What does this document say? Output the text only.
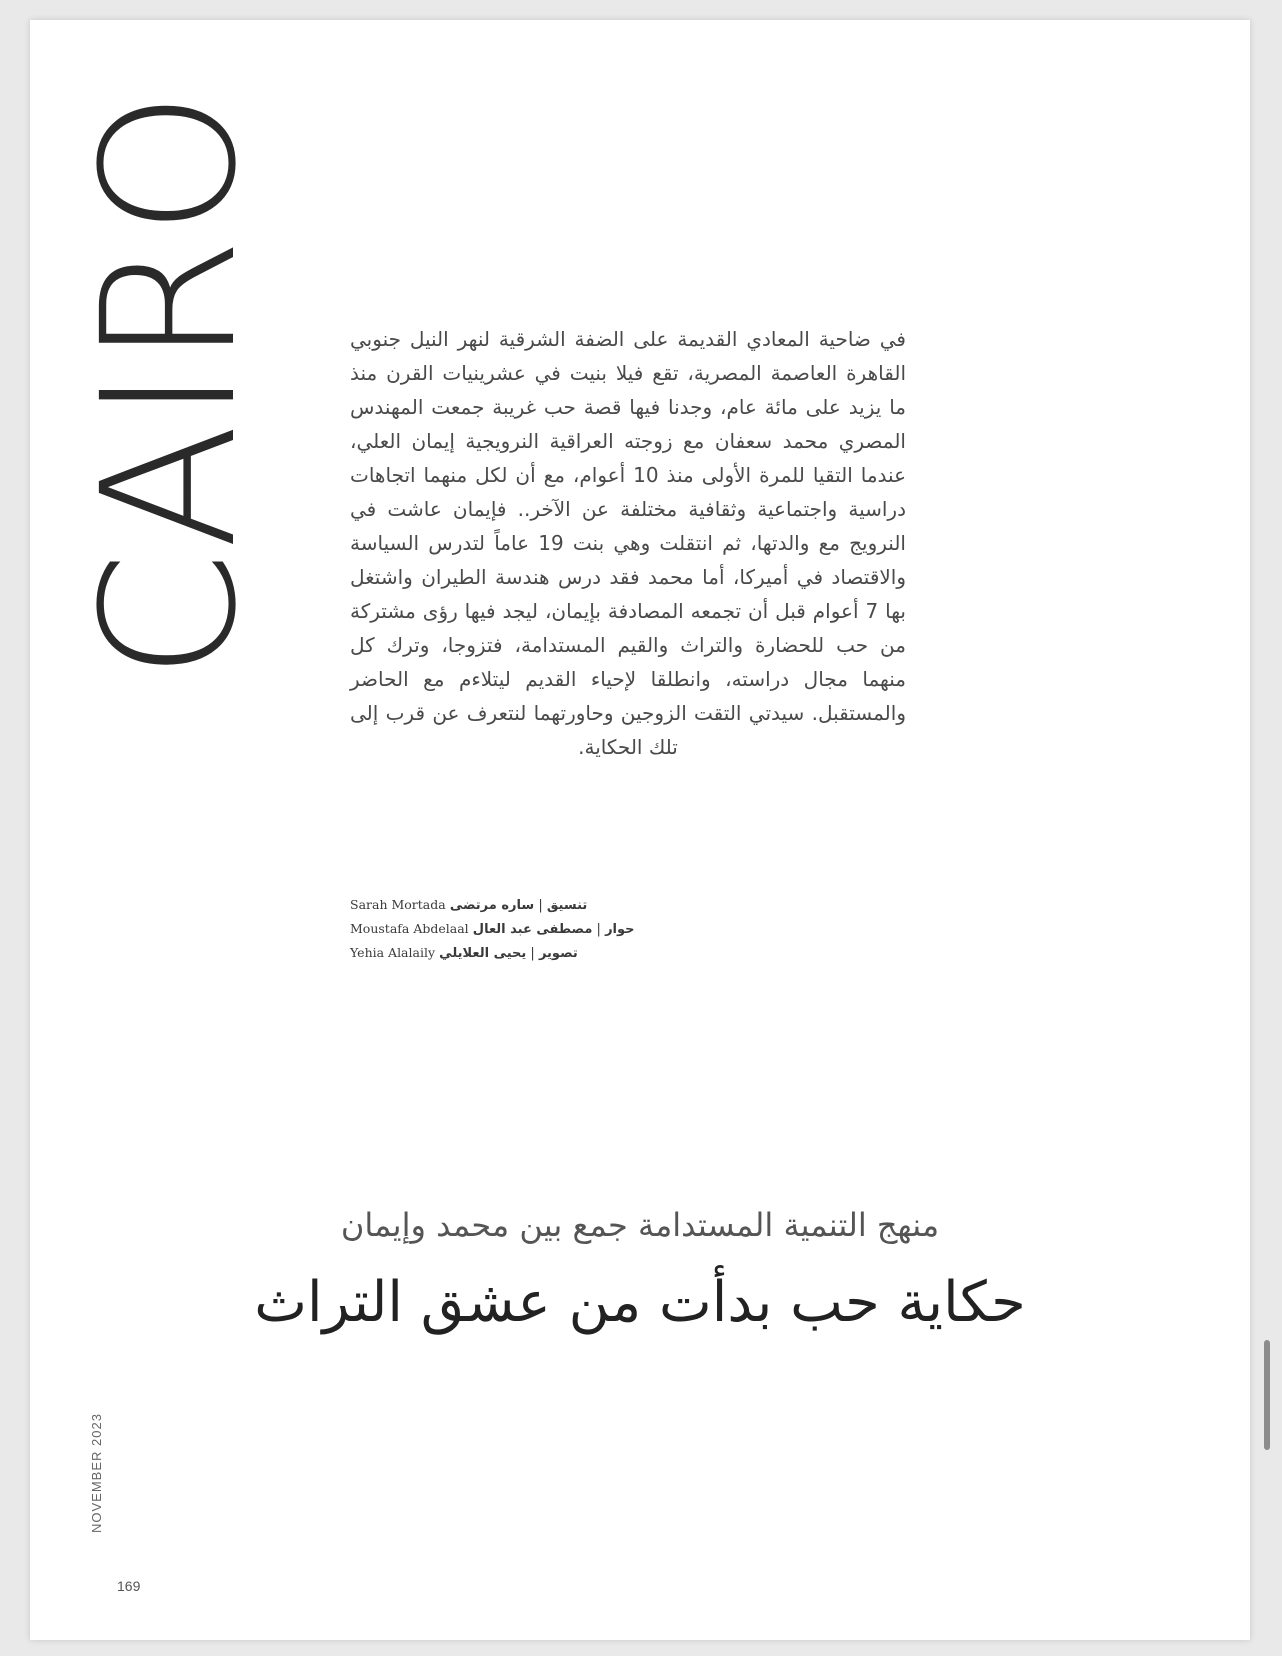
CAIRO	في ضاحية المعادي القديمة على الضفة الشرقية لنهر النيل جنوبي القاهرة العاصمة المصرية، تقع فيلا بنيت في عشرينيات القرن منذ ما يزيد على مائة عام، وجدنا فيها قصة حب غريبة جمعت المهندس المصري محمد سعفان مع زوجته العراقية النرويجية إيمان العلي، عندما التقيا للمرة الأولى منذ 10 أعوام، مع أن لكل منهما اتجاهات دراسية واجتماعية وثقافية مختلفة عن الآخر.. فإيمان عاشت في النرويج مع والدتها، ثم انتقلت وهي بنت 19 عاماً لتدرس السياسة والاقتصاد في أميركا، أما محمد فقد درس هندسة الطيران واشتغل بها 7 أعوام قبل أن تجمعه المصادفة بإيمان، ليجد فيها رؤى مشتركة من حب للحضارة والتراث والقيم المستدامة، فتزوجا، وترك كل منهما مجال دراسته، وانطلقا لإحياء القديم ليتلاءم مع الحاضر والمستقبل. سيدتي التقت الزوجين وحاورتهما لنتعرف عن قرب إلى تلك الحكاية.
Sarah Mortada ساره مرتضى | تنسيق
Moustafa Abdelaal مصطفى عبد العال | حوار
Yehia Alalaily يحيى العلايلي | تصوير
منهج التنمية المستدامة جمع بين محمد وإيمان
حكاية حب بدأت من عشق التراث
NOVEMBER 2023
169
